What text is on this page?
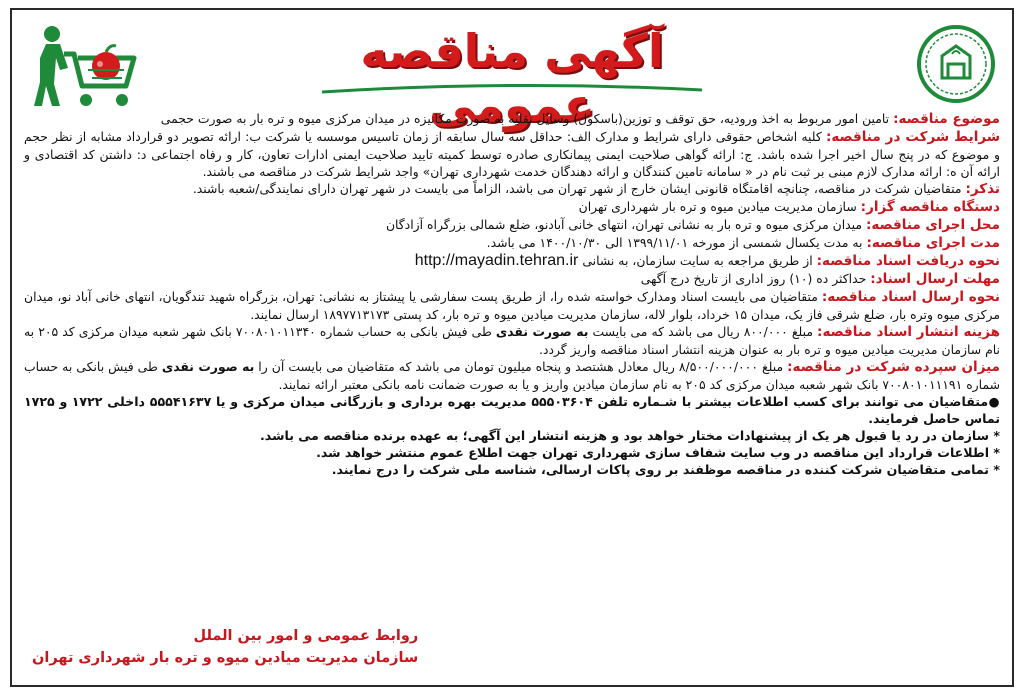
آگهی مناقصه عمومی	موضوع مناقصه: تامین امور مربوط به اخذ ورودیه، حق توقف و توزین(باسکول) وسایل نقلیه به صورت مکانیزه در میدان مرکزی میوه و تره بار به صورت حجمی

شرایط شرکت در مناقصه: کلیه اشخاص حقوقی دارای شرایط و مدارک الف: حداقل سه سال سابقه از زمان تاسیس موسسه یا شرکت ب: ارائه تصویر دو قرارداد مشابه از نظر حجم و موضوع که در پنج سال اخیر اجرا شده باشد. ج: ارائه گواهی صلاحیت ایمنی پیمانکاری صادره توسط کمیته تایید صلاحیت ایمنی ادارات تعاون، کار و رفاه اجتماعی د: داشتن کد اقتصادی و ارائه آن ه: ارائه مدارک لازم مبنی بر ثبت نام در « سامانه تامین کنندگان و ارائه دهندگان خدمت شهرداری تهران» واجد شرایط شرکت در مناقصه می باشند.

تذکر: متقاضیان شرکت در مناقصه، چنانچه اقامتگاه قانونی ایشان خارج از شهر تهران می باشد، الزاماً می بایست در شهر تهران دارای نمایندگی/شعبه باشند.

دستگاه مناقصه گزار: سازمان مدیریت میادین میوه و تره بار شهرداری تهران

محل اجرای مناقصه: میدان مرکزی میوه و تره بار به نشانی تهران، انتهای خانی آبادنو، ضلع شمالی بزرگراه آزادگان

مدت اجرای مناقصه: به مدت یکسال شمسی از مورخه ۱۳۹۹/۱۱/۰۱ الی ۱۴۰۰/۱۰/۳۰ می باشد.

نحوه دریافت اسناد مناقصه: از طریق مراجعه به سایت سازمان، به نشانی http://mayadin.tehran.ir

مهلت ارسال اسناد: حداکثر ده (۱۰) روز اداری از تاریخ درج آگهی

نحوه ارسال اسناد مناقصه: متقاضیان می بایست اسناد ومدارک خواسته شده را، از طریق پست سفارشی یا پیشتاز به نشانی: تهران، بزرگراه شهید تندگویان، انتهای خانی آباد نو، میدان مرکزی میوه وتره بار، ضلع شرقی فاز یک، میدان ۱۵ خرداد، بلوار لاله، سازمان مدیریت میادین میوه و تره بار، کد پستی ۱۸۹۷۷۱۳۱۷۳ ارسال نمایند.

هزینه انتشار اسناد مناقصه: مبلغ ۸۰۰/۰۰۰ ریال می باشد که می بایست به صورت نقدی طی فیش بانکی به حساب شماره ۷۰۰۸۰۱۰۱۱۳۴۰ بانک شهر شعبه میدان مرکزی کد ۲۰۵ به نام سازمان مدیریت میادین میوه و تره بار به عنوان هزینه انتشار اسناد مناقصه واریز گردد.

میزان سپرده شرکت در مناقصه: مبلغ ۸/۵۰۰/۰۰۰/۰۰۰ ریال معادل هشتصد و پنجاه میلیون تومان می باشد که متقاضیان می بایست آن را به صورت نقدی طی فیش بانکی به حساب شماره ۷۰۰۸۰۱۰۱۱۱۹۱ بانک شهر شعبه میدان مرکزی کد ۲۰۵ به نام سازمان میادین واریز و یا به صورت ضمانت نامه بانکی معتبر ارائه نمایند.

●متقاضیان می توانند برای کسب اطلاعات بیشتر با شـماره تلفن ۵۵۵۰۳۶۰۴ مدیریت بهره برداری و بازرگانی میدان مرکزی و یا ۵۵۵۴۱۶۳۷ داخلی ۱۷۲۲ و ۱۷۲۵ تماس حاصل فرمایند.

* سازمان در رد یا قبول هر یک از پیشنهادات مختار خواهد بود و هزینه انتشار این آگهی؛ به عهده برنده مناقصه می باشد.

* اطلاعات قرارداد این مناقصه در وب سایت شفاف سازی شهرداری تهران جهت اطلاع عموم منتشر خواهد شد.

* تمامی متقاضیان شرکت کننده در مناقصه موظفند بر روی پاکات ارسالی، شناسه ملی شرکت را درج نمایند.

روابط عمومی و امور بین الملل
سازمان مدیریت میادین میوه و تره بار شهرداری تهران
